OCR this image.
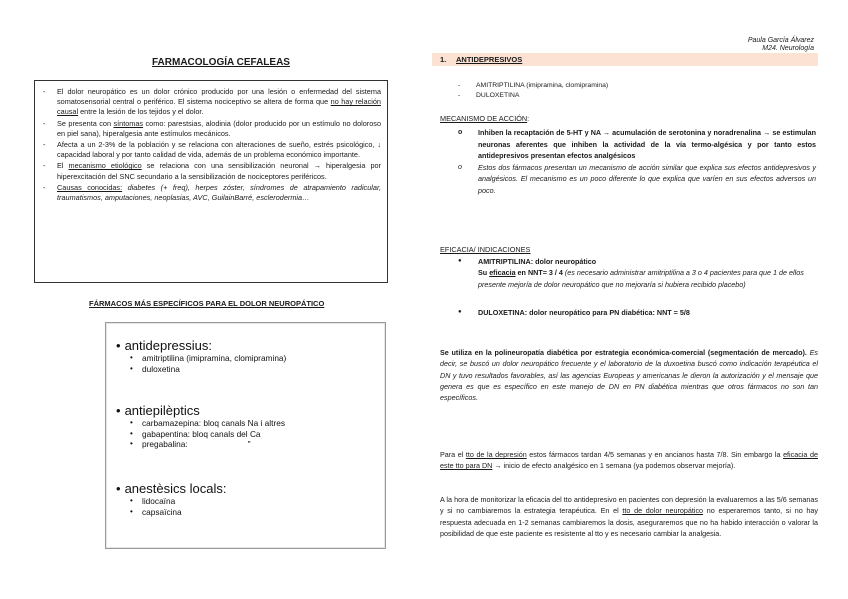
Paula García Álvarez
M24. Neurología
FARMACOLOGÍA CEFALEAS
- El dolor neuropático es un dolor crónico producido por una lesión o enfermedad del sistema somatosensorial central o periférico. El sistema nociceptivo se altera de forma que no hay relación causal entre la lesión de los tejidos y el dolor.
- Se presenta con síntomas como: parestsias, alodinia (dolor producido por un estímulo no doloroso en piel sana), hiperalgesia ante estímulos mecánicos.
- Afecta a un 2-3% de la población y se relaciona con alteraciones de sueño, estrés psicológico, ↓ capacidad laboral y por tanto calidad de vida, además de un problema económico importante.
- El mecanismo etiológico se relaciona con una sensibilización neuronal → hiperalgesia por hiperexcitación del SNC secundario a la sensibilización de nociceptores periféricos.
- Causas conocidas: diabetes (+ freq), herpes zóster, síndromes de atrapamiento radicular, traumatismos, amputaciones, neoplasias, AVC, GuilainBarré, esclerodermia…
FÁRMACOS MÁS ESPECÍFICOS PARA EL DOLOR NEUROPÁTICO
• antidepressius:
• amitriptilina (imipramina, clomipramina)
• duloxetina
• antiepilèptics
• carbamazepina: bloq canals Na i altres
• gabapentina: bloq canals del Ca
• pregabalina:	"
• anestèsics locals:
• lidocaïna
• capsaïcina
1. ANTIDEPRESIVOS
- AMITRIPTILINA (imipramina, clomipramina)
- DULOXETINA
MECANISMO DE ACCIÓN:
o Inhiben la recaptación de 5-HT y NA → acumulación de serotonina y noradrenalina → se estimulan neuronas aferentes que inhiben la actividad de la vía termo-algésica y por tanto estos antidepresivos presentan efectos analgésicos
o Estos dos fármacos presentan un mecanismo de acción similar que explica sus efectos antidepresivos y analgésicos. El mecanismo es un poco diferente lo que explica que varíen en sus efectos adversos un poco.
EFICACIA/ INDICACIONES
● AMITRIPTILINA: dolor neuropático
Su eficacia en NNT= 3 / 4 (es necesario administrar amitriptilina a 3 o 4 pacientes para que 1 de ellos presente mejoría de dolor neuropático que no mejoraría si hubiera recibido placebo)
● DULOXETINA: dolor neuropático para PN diabética: NNT = 5/8
Se utiliza en la polineuropatía diabética por estrategia económica-comercial (segmentación de mercado). Es decir, se buscó un dolor neuropático frecuente y el laboratorio de la duxoetina buscó como indicación terapéutica el DN y tuvo resultados favorables, así las agencias Europeas y americanas le dieron la autorización y el mensaje que genera es que es específico en este manejo de DN en PN diabética mientras que otros fármacos no son tan específicos.
Para el tto de la depresión estos fármacos tardan 4/5 semanas y en ancianos hasta 7/8. Sin embargo la eficacia de este tto para DN → inicio de efecto analgésico en 1 semana (ya podemos observar mejoría).
A la hora de monitorizar la eficacia del tto antidepresivo en pacientes con depresión la evaluaremos a las 5/6 semanas y si no cambiaremos la estrategia terapéutica. En el tto de dolor neuropático no esperaremos tanto, si no hay respuesta adecuada en 1-2 semanas cambiaremos la dosis, aseguraremos que no ha habido interacción o valorar la posibilidad de que este paciente es resistente al tto y es necesario cambiar la analgesia.
